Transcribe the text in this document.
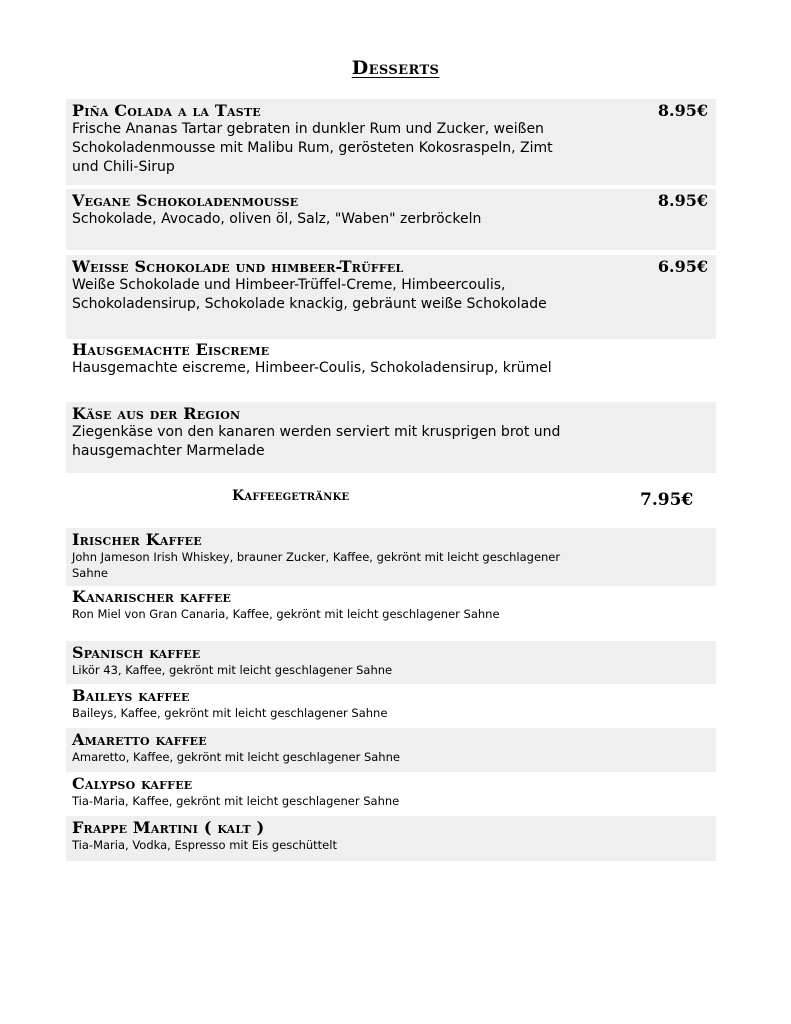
Desserts
Piña Colada a la Taste
Frische Ananas Tartar gebraten in dunkler Rum und Zucker, weißen Schokoladenmousse mit Malibu Rum, gerösteten Kokosraspeln, Zimt und Chili-Sirup
8.95€
Vegane Schokoladenmousse
Schokolade, Avocado, oliven öl, Salz, "Waben" zerbröckeln
8.95€
Weisse Schokolade und himbeer-Trüffel
Weiße Schokolade und Himbeer-Trüffel-Creme, Himbeercoulis, Schokoladensirup, Schokolade knackig, gebräunt weiße Schokolade
6.95€
Hausgemachte Eiscreme
Hausgemachte eiscreme, Himbeer-Coulis, Schokoladensirup, krümel
Käse aus der Region
Ziegenkäse von den kanaren werden serviert mit krusprigen brot und hausgemachter Marmelade
Kaffeegetränke	7.95€
Irischer Kaffee
John Jameson Irish Whiskey, brauner Zucker, Kaffee, gekrönt mit leicht geschlagener Sahne
Kanarischer kaffee
Ron Miel von Gran Canaria, Kaffee, gekrönt mit leicht geschlagener Sahne
Spanisch kaffee
Likör 43, Kaffee, gekrönt mit leicht geschlagener Sahne
Baileys kaffee
Baileys, Kaffee, gekrönt mit leicht geschlagener Sahne
Amaretto kaffee
Amaretto, Kaffee, gekrönt mit leicht geschlagener Sahne
Calypso kaffee
Tia-Maria, Kaffee, gekrönt mit leicht geschlagener Sahne
Frappe Martini ( kalt )
Tia-Maria, Vodka, Espresso mit Eis geschüttelt
